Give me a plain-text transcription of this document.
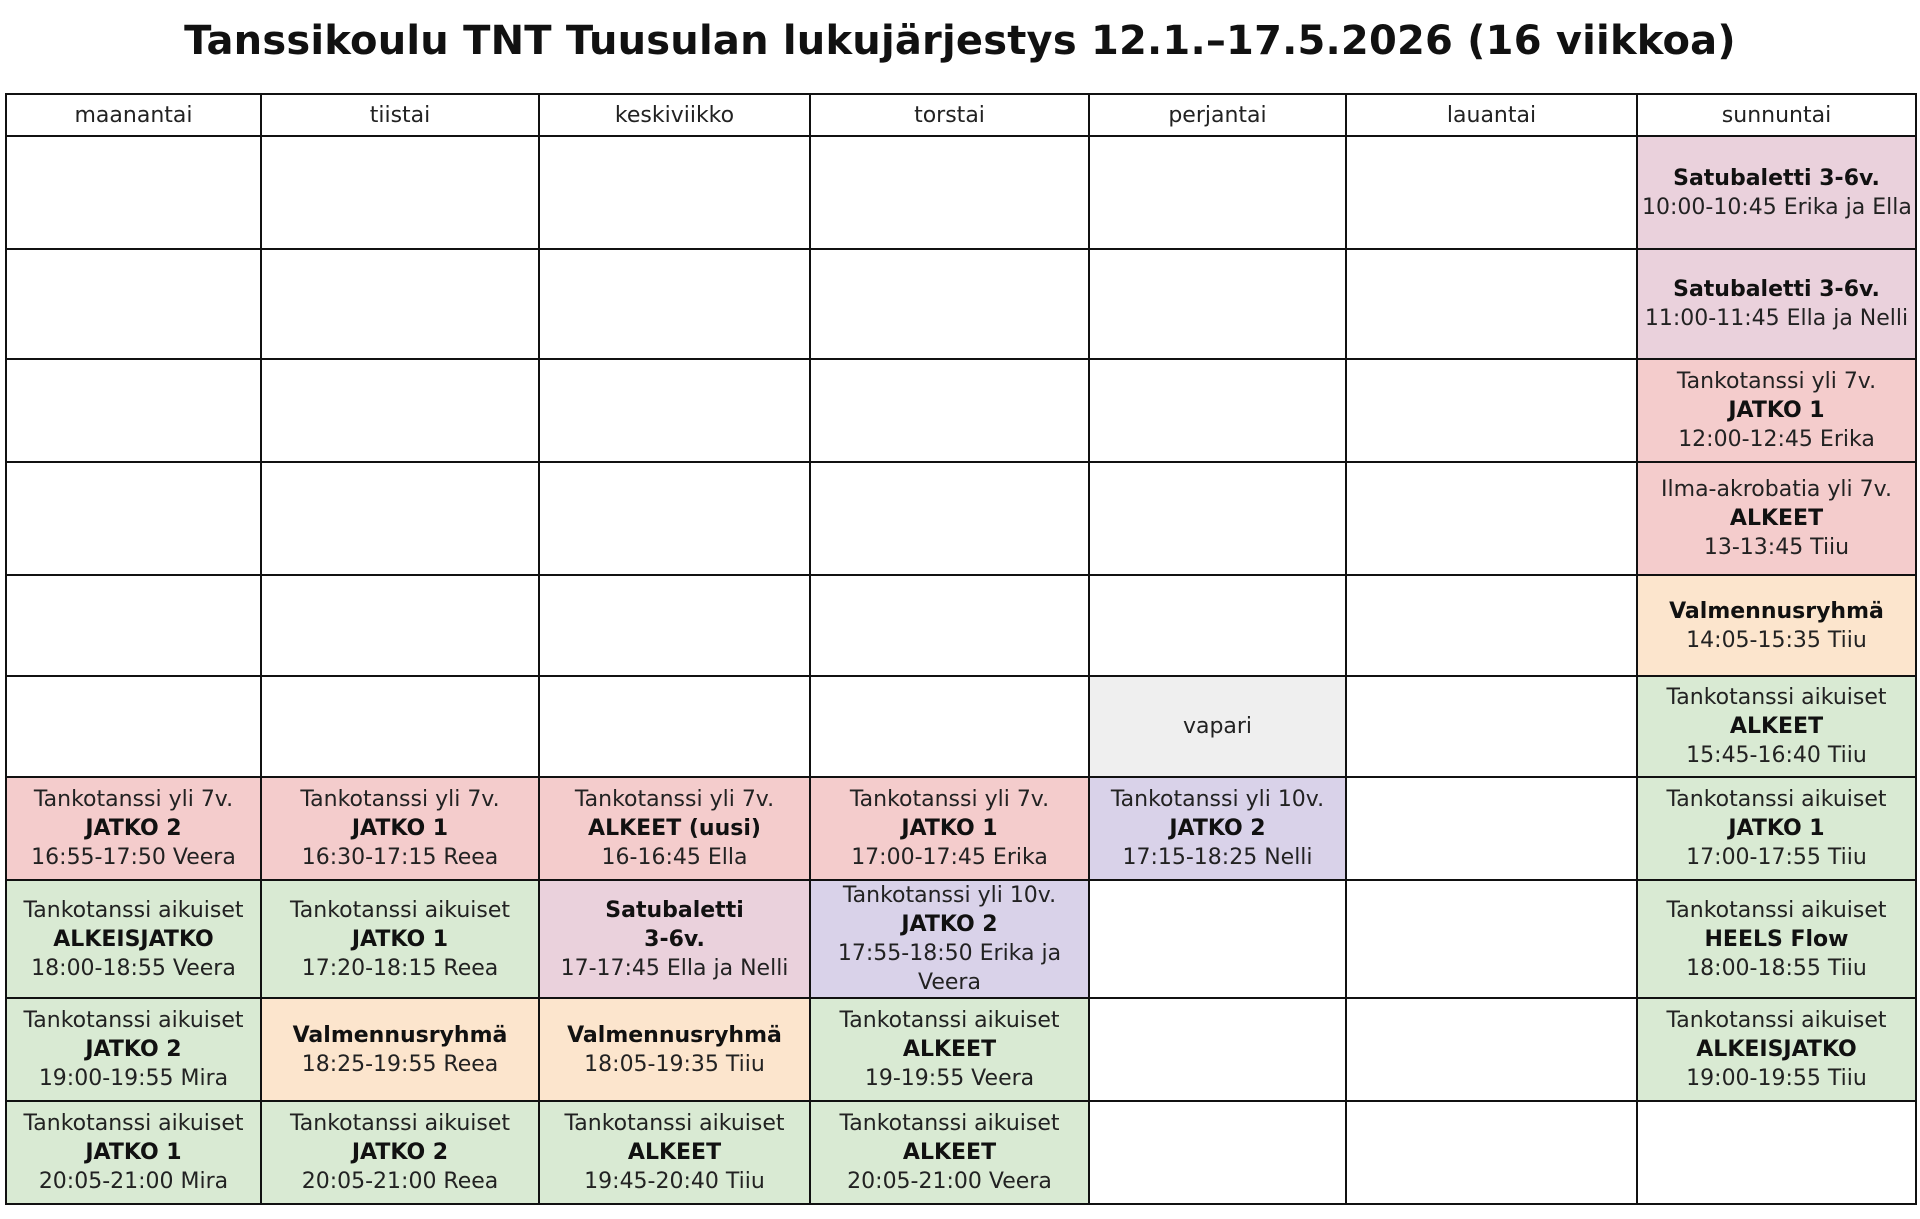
Tanssikoulu TNT Tuusulan lukujärjestys 12.1.–17.5.2026 (16 viikkoa)
maanantai	tiistai	keskiviikko	torstai	perjantai	lauantai	sunnuntai

						Satubaletti 3-6v.
10:00-10:45 Erika ja Ella

						Satubaletti 3-6v.
11:00-11:45 Ella ja Nelli

						Tankotanssi yli 7v.
JATKO 1
12:00-12:45 Erika

						Ilma-akrobatia yli 7v.
ALKEET
13-13:45 Tiiu

						Valmennusryhmä
14:05-15:35 Tiiu

				vapari		Tankotanssi aikuiset
ALKEET
15:45-16:40 Tiiu

Tankotanssi yli 7v.
JATKO 2
16:55-17:50 Veera	Tankotanssi yli 7v.
JATKO 1
16:30-17:15 Reea	Tankotanssi yli 7v.
ALKEET (uusi)
16-16:45 Ella	Tankotanssi yli 7v.
JATKO 1
17:00-17:45 Erika	Tankotanssi yli 10v.
JATKO 2
17:15-18:25 Nelli		Tankotanssi aikuiset
JATKO 1
17:00-17:55 Tiiu

Tankotanssi aikuiset
ALKEISJATKO
18:00-18:55 Veera	Tankotanssi aikuiset
JATKO 1
17:20-18:15 Reea	Satubaletti
3-6v.
17-17:45 Ella ja Nelli	Tankotanssi yli 10v.
JATKO 2
17:55-18:50 Erika ja Veera			Tankotanssi aikuiset
HEELS Flow
18:00-18:55 Tiiu

Tankotanssi aikuiset
JATKO 2
19:00-19:55 Mira	Valmennusryhmä
18:25-19:55 Reea	Valmennusryhmä
18:05-19:35 Tiiu	Tankotanssi aikuiset
ALKEET
19-19:55 Veera			Tankotanssi aikuiset
ALKEISJATKO
19:00-19:55 Tiiu

Tankotanssi aikuiset
JATKO 1
20:05-21:00 Mira	Tankotanssi aikuiset
JATKO 2
20:05-21:00 Reea	Tankotanssi aikuiset
ALKEET
19:45-20:40 Tiiu	Tankotanssi aikuiset
ALKEET
20:05-21:00 Veera			
